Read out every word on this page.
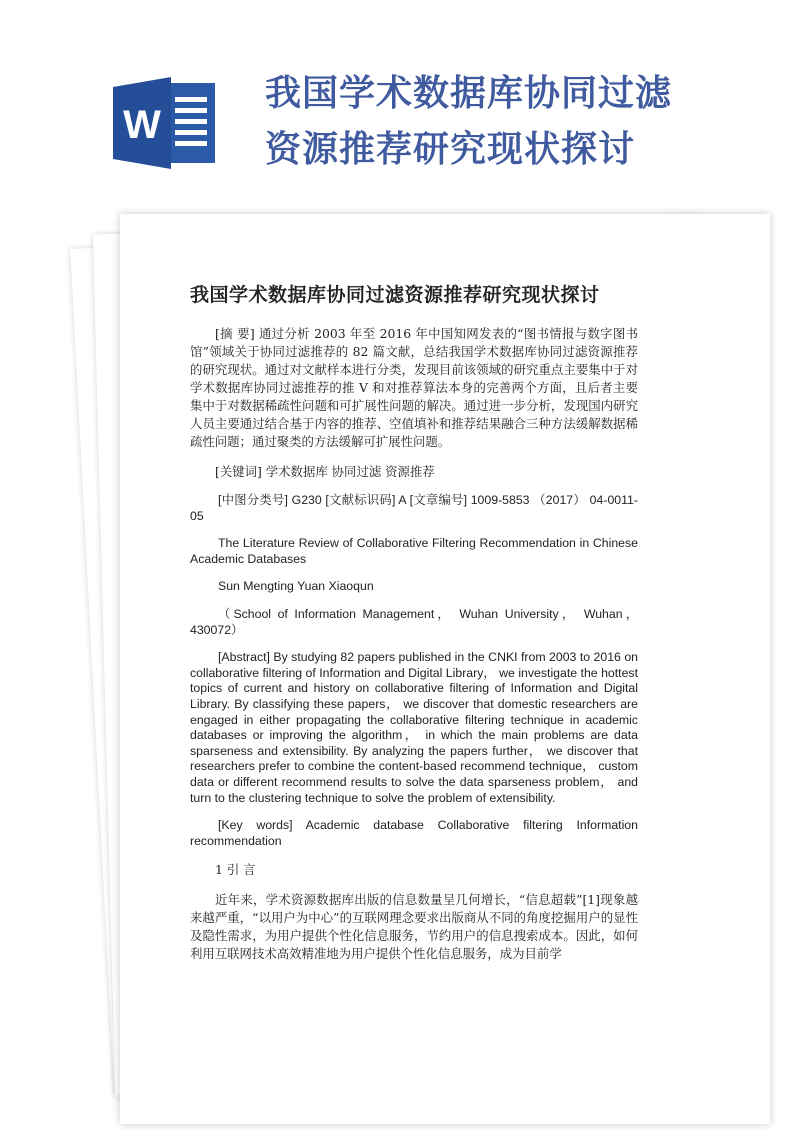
W
我国学术数据库协同过滤资源推荐研究现状探讨
我国学术数据库协同过滤资源推荐研究现状探讨

[摘 要] 通过分析 2003 年至 2016 年中国知网发表的“图书情报与数字图书馆”领域关于协同过滤推荐的 82 篇文献，总结我国学术数据库协同过滤资源推荐的研究现状。通过对文献样本进行分类，发现目前该领域的研究重点主要集中于对学术数据库协同过滤推荐的推 V 和对推荐算法本身的完善两个方面，且后者主要集中于对数据稀疏性问题和可扩展性问题的解决。通过进一步分析，发现国内研究人员主要通过结合基于内容的推荐、空值填补和推荐结果融合三种方法缓解数据稀疏性问题；通过聚类的方法缓解可扩展性问题。

[关键词] 学术数据库 协同过滤 资源推荐

[中图分类号] G230 [文献标识码] A [文章编号] 1009-5853 （2017） 04-0011-05

The Literature Review of Collaborative Filtering Recommendation in Chinese Academic Databases

Sun Mengting Yuan Xiaoqun

（School of Information Management， Wuhan University， Wuhan，430072）

[Abstract] By studying 82 papers published in the CNKI from 2003 to 2016 on collaborative filtering of Information and Digital Library， we investigate the hottest topics of current and history on collaborative filtering of Information and Digital Library. By classifying these papers， we discover that domestic researchers are engaged in either propagating the collaborative filtering technique in academic databases or improving the algorithm， in which the main problems are data sparseness and extensibility. By analyzing the papers further， we discover that researchers prefer to combine the content-based recommend technique， custom data or different recommend results to solve the data sparseness problem， and turn to the clustering technique to solve the problem of extensibility.

[Key words] Academic database Collaborative filtering Information recommendation

1 引 言

近年来，学术资源数据库出版的信息数量呈几何增长，“信息超载”[1]现象越来越严重，“以用户为中心”的互联网理念要求出版商从不同的角度挖掘用户的显性及隐性需求，为用户提供个性化信息服务，节约用户的信息搜索成本。因此，如何利用互联网技术高效精准地为用户提供个性化信息服务，成为目前学
